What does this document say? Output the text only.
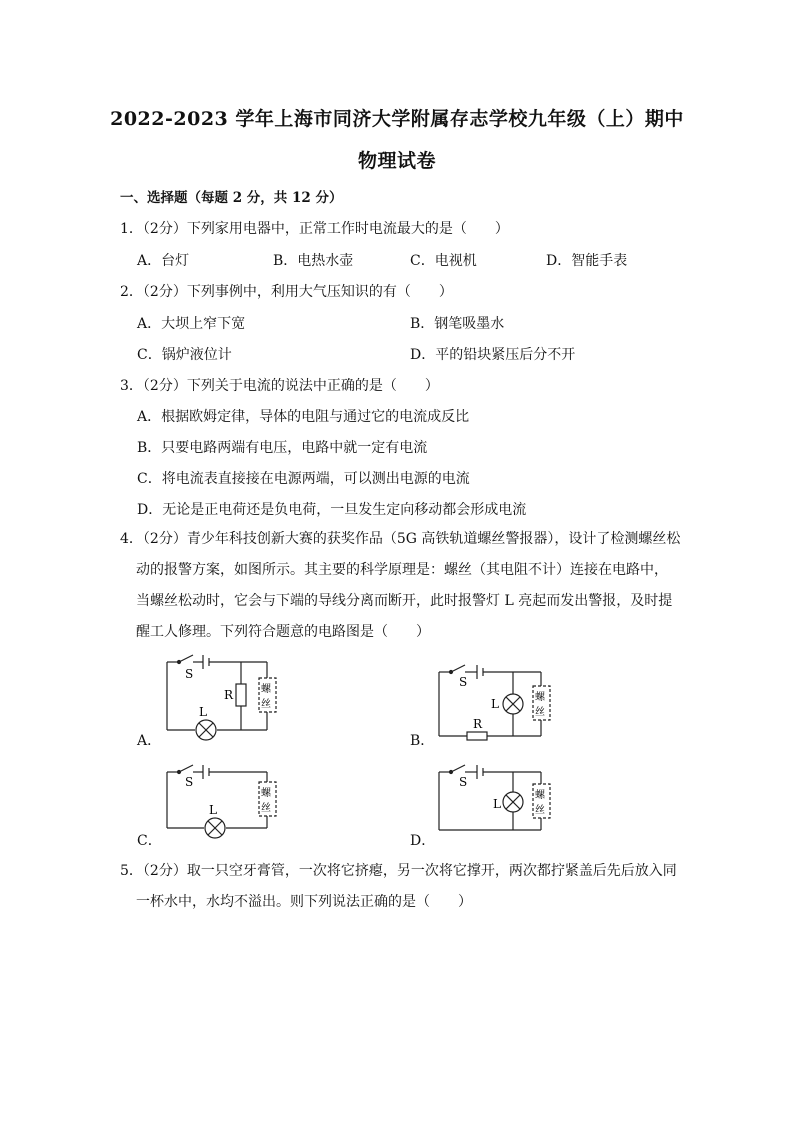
2022-2023 学年上海市同济大学附属存志学校九年级（上）期中
物理试卷
一、选择题（每题 2 分，共 12 分）
1．（2分）下列家用电器中，正常工作时电流最大的是（　　）
A．台灯	B．电热水壶	C．电视机	D．智能手表
2．（2分）下列事例中，利用大气压知识的有（　　）
A．大坝上窄下宽	B．钢笔吸墨水
C．锅炉液位计	D．平的铅块紧压后分不开
3．（2分）下列关于电流的说法中正确的是（　　）
A．根据欧姆定律，导体的电阻与通过它的电流成反比
B．只要电路两端有电压，电路中就一定有电流
C．将电流表直接接在电源两端，可以测出电源的电流
D．无论是正电荷还是负电荷，一旦发生定向移动都会形成电流
4．（2分）青少年科技创新大赛的获奖作品（5G 高铁轨道螺丝警报器），设计了检测螺丝松
动的报警方案，如图所示。其主要的科学原理是：螺丝（其电阻不计）连接在电路中，
当螺丝松动时，它会与下端的导线分离而断开，此时报警灯 L 亮起而发出警报，及时提
醒工人修理。下列符合题意的电路图是（　　）
A．	B．
C．	D．
S
R
L
螺
丝
S
L
R
螺
丝
S
L
螺
丝
S
L
螺
丝
5．（2分）取一只空牙膏管，一次将它挤瘪，另一次将它撑开，两次都拧紧盖后先后放入同
一杯水中，水均不溢出。则下列说法正确的是（　　）
